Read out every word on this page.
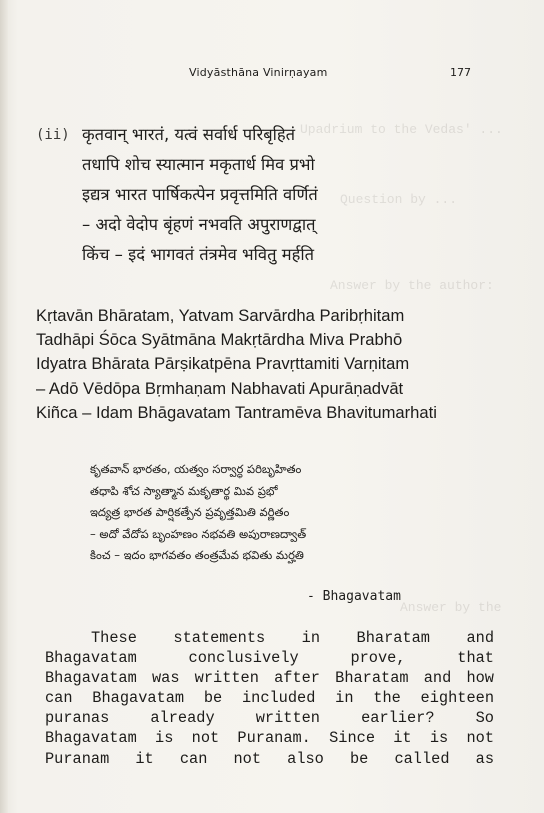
Upadrium to the Vedas' ...
Question by ...
Answer by the author:
Answer by the
Vidyāsthāna Vinirṇayam	177
(ii) कृतवान् भारतं, यत्वं सर्वार्ध परिबृहितं
तधापि शोच स्यात्मान मकृतार्ध मिव प्रभो
इद्यत्र भारत पार्षिकत्पेन प्रवृत्तमिति वर्णितं
– अदो वेदोप बृंहणं नभवति अपुराणद्वात्
किंच – इदं भागवतं तंत्रमेव भवितु मर्हति
Kṛtavān Bhāratam, Yatvam Sarvārdha Paribṛhitam
Tadhāpi Śōca Syātmāna Makṛtārdha Miva Prabhō
Idyatra Bhārata Pārṣikatpēna Pravṛttamiti Varṇitam
– Adō Vēdōpa Bṛmhaṇam Nabhavati Apurāṇadvāt
Kiñca – Idam Bhāgavatam Tantramēva Bhavitumarhati
కృతవాన్ భారతం, యత్వం సర్వార్ధ పరిబృహితం
తధాపి శోచ స్యాత్మాన మకృతార్థ మివ ప్రభో
ఇద్యత్ర భారత పార్షికత్పేన ప్రవృత్తమితి వర్ణితం
– అదో వేదోప బృంహణం నభవతి అపురాణద్వాత్
కించ – ఇదం భాగవతం తంత్రమేవ భవితు మర్హతి
- Bhagavatam
These statements in Bharatam and
Bhagavatam conclusively prove, that
Bhagavatam was written after Bharatam and how
can Bhagavatam be included in the eighteen
puranas already written earlier? So
Bhagavatam is not Puranam. Since it is not
Puranam it can not also be called as
